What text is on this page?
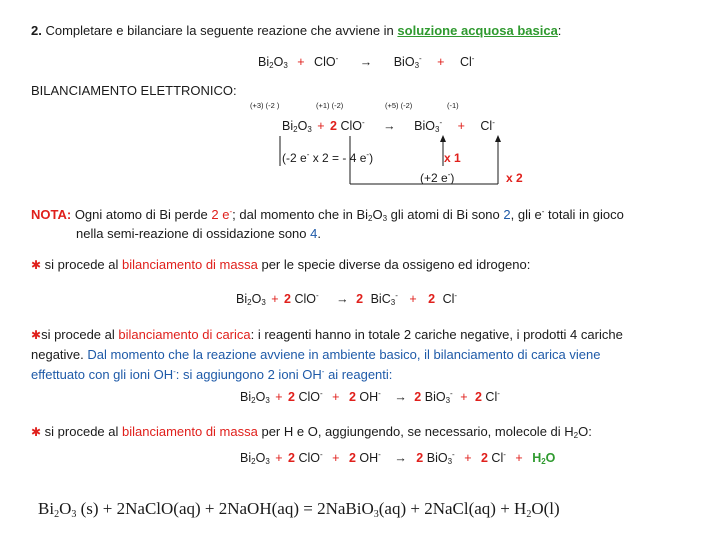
2. Completare e bilanciare la seguente reazione che avviene in soluzione acquosa basica:
$Bi_2O_3 + ClO^- \to BiO_3^- + Cl^-$
BILANCIAMENTO ELETTRONICO:
(+3) (-2 )	(+1) (-2)	(+5) (-2)	(-1)
$Bi_2O_3 + 2$ ClO- → BiO$_3$- + Cl-
(-2 e- x 2 = - 4 e-)	x 1
(+2 e-)	x 2
NOTA: Ogni atomo di Bi perde 2 e-; dal momento che in $Bi_2O_3$ gli atomi di Bi sono 2, gli e- totali in gioco
nella semi-reazione di ossidazione sono 4.
✱ si procede al bilanciamento di massa per le specie diverse da ossigeno ed idrogeno:
$Bi_2O_3 + 2$ ClO- → 2 BiC$_3$- + 2 Cl-
✱si procede al bilanciamento di carica: i reagenti hanno in totale 2 cariche negative, i prodotti 4 cariche
negative. Dal momento che la reazione avviene in ambiente basico, il bilanciamento di carica viene
effettuato con gli ioni OH-: si aggiungono 2 ioni OH- ai reagenti:
$Bi_2O_3 + 2$ ClO- + 2 OH- → 2 BiO$_3$- + 2 Cl-
✱ si procede al bilanciamento di massa per H e O, aggiungendo, se necessario, molecole di $H_2O$:
$Bi_2O_3 + 2$ ClO- + 2 OH- → 2 BiO$_3$- + 2 $Cl^- + H_2O$
$Bi_2O_3$ (s) + 2NaClO(aq) + 2NaOH(aq) = 2NaBiO$_3$(aq) + 2NaCl(aq) + $H_2O(l)$
